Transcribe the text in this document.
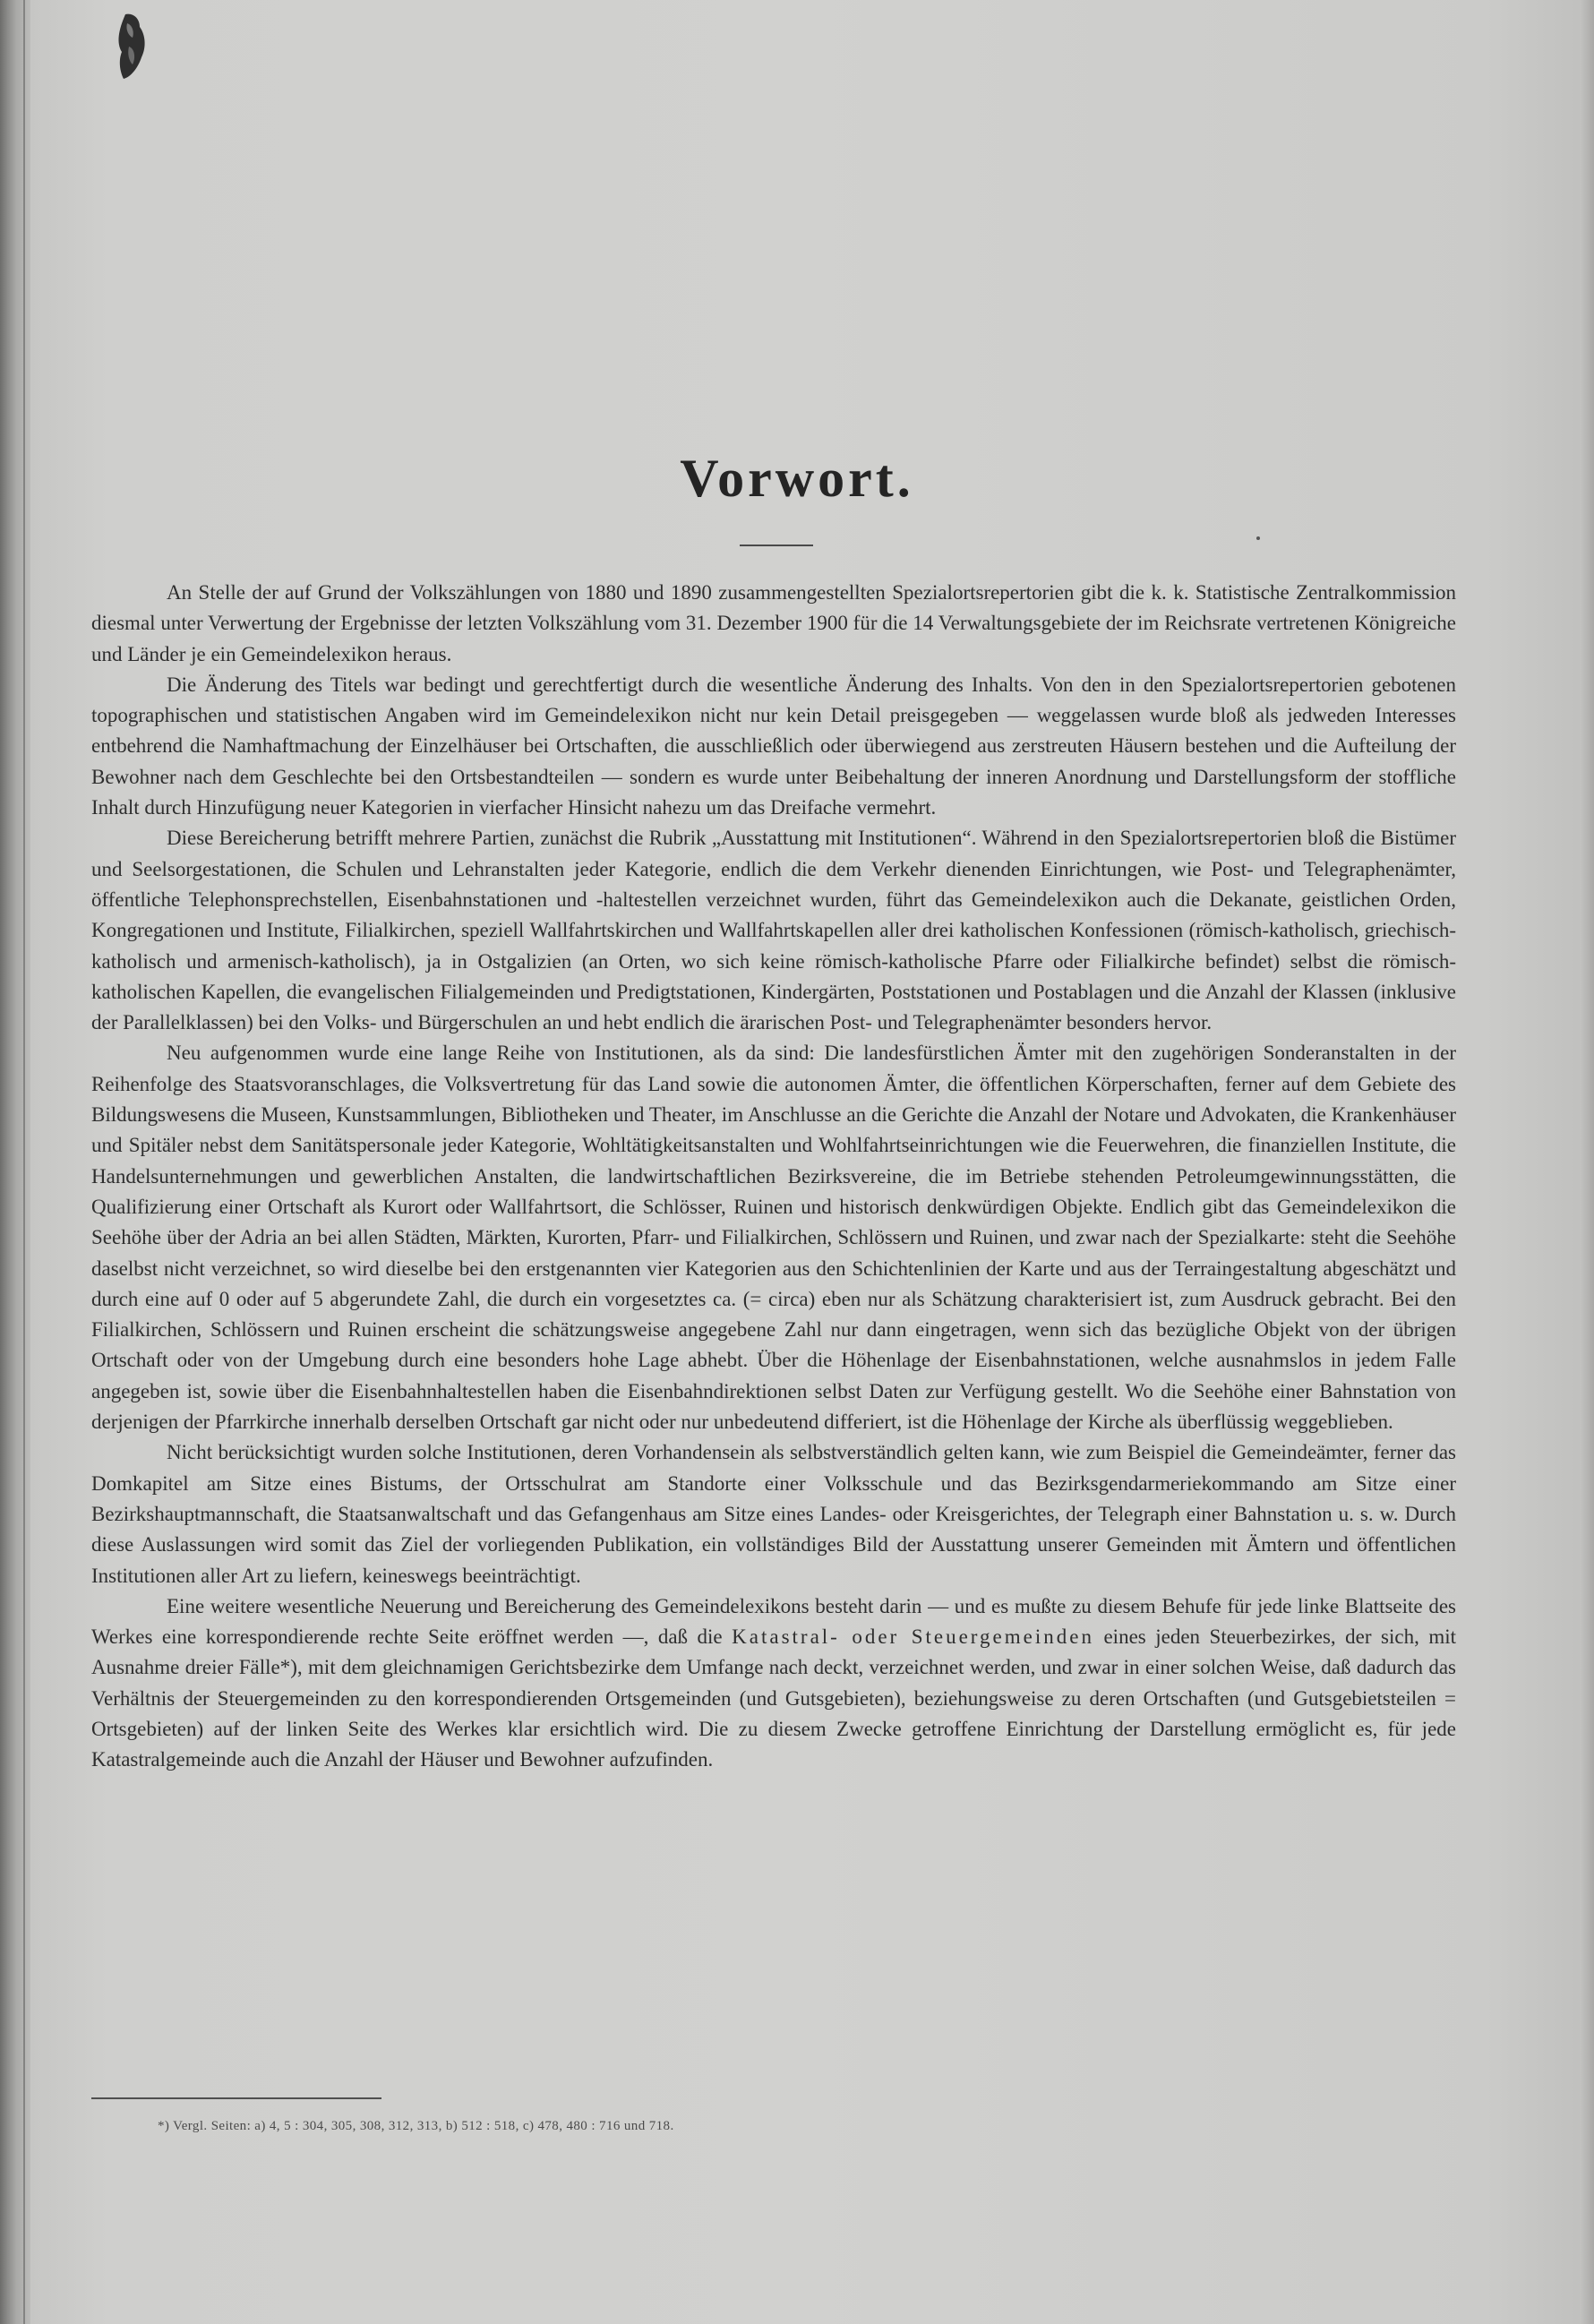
Vorwort.

An Stelle der auf Grund der Volkszählungen von 1880 und 1890 zusammengestellten Spezialortsrepertorien gibt die k. k. Statistische Zentralkommission diesmal unter Verwertung der Ergebnisse der letzten Volkszählung vom 31. Dezember 1900 für die 14 Verwaltungsgebiete der im Reichsrate vertretenen Königreiche und Länder je ein Gemeindelexikon heraus.

Die Änderung des Titels war bedingt und gerechtfertigt durch die wesentliche Änderung des Inhalts. Von den in den Spezialortsrepertorien gebotenen topographischen und statistischen Angaben wird im Gemeindelexikon nicht nur kein Detail preisgegeben — weggelassen wurde bloß als jedweden Interesses entbehrend die Namhaftmachung der Einzelhäuser bei Ortschaften, die ausschließlich oder überwiegend aus zerstreuten Häusern bestehen und die Aufteilung der Bewohner nach dem Geschlechte bei den Ortsbestandteilen — sondern es wurde unter Beibehaltung der inneren Anordnung und Darstellungsform der stoffliche Inhalt durch Hinzufügung neuer Kategorien in vierfacher Hinsicht nahezu um das Dreifache vermehrt.

Diese Bereicherung betrifft mehrere Partien, zunächst die Rubrik „Ausstattung mit Institutionen“. Während in den Spezialortsrepertorien bloß die Bistümer und Seelsorgestationen, die Schulen und Lehranstalten jeder Kategorie, endlich die dem Verkehr dienenden Einrichtungen, wie Post- und Telegraphenämter, öffentliche Telephonsprechstellen, Eisenbahnstationen und -haltestellen verzeichnet wurden, führt das Gemeindelexikon auch die Dekanate, geistlichen Orden, Kongregationen und Institute, Filialkirchen, speziell Wallfahrtskirchen und Wallfahrtskapellen aller drei katholischen Konfessionen (römisch-katholisch, griechisch-katholisch und armenisch-katholisch), ja in Ostgalizien (an Orten, wo sich keine römisch-katholische Pfarre oder Filialkirche befindet) selbst die römisch-katholischen Kapellen, die evangelischen Filialgemeinden und Predigtstationen, Kindergärten, Poststationen und Postablagen und die Anzahl der Klassen (inklusive der Parallelklassen) bei den Volks- und Bürgerschulen an und hebt endlich die ärarischen Post- und Telegraphenämter besonders hervor.

Neu aufgenommen wurde eine lange Reihe von Institutionen, als da sind: Die landesfürstlichen Ämter mit den zugehörigen Sonderanstalten in der Reihenfolge des Staatsvoranschlages, die Volksvertretung für das Land sowie die autonomen Ämter, die öffentlichen Körperschaften, ferner auf dem Gebiete des Bildungswesens die Museen, Kunstsammlungen, Bibliotheken und Theater, im Anschlusse an die Gerichte die Anzahl der Notare und Advokaten, die Krankenhäuser und Spitäler nebst dem Sanitätspersonale jeder Kategorie, Wohltätigkeitsanstalten und Wohlfahrtseinrichtungen wie die Feuerwehren, die finanziellen Institute, die Handelsunternehmungen und gewerblichen Anstalten, die landwirtschaftlichen Bezirksvereine, die im Betriebe stehenden Petroleumgewinnungsstätten, die Qualifizierung einer Ortschaft als Kurort oder Wallfahrtsort, die Schlösser, Ruinen und historisch denkwürdigen Objekte. Endlich gibt das Gemeindelexikon die Seehöhe über der Adria an bei allen Städten, Märkten, Kurorten, Pfarr- und Filialkirchen, Schlössern und Ruinen, und zwar nach der Spezialkarte: steht die Seehöhe daselbst nicht verzeichnet, so wird dieselbe bei den erstgenannten vier Kategorien aus den Schichtenlinien der Karte und aus der Terraingestaltung abgeschätzt und durch eine auf 0 oder auf 5 abgerundete Zahl, die durch ein vorgesetztes ca. (= circa) eben nur als Schätzung charakterisiert ist, zum Ausdruck gebracht. Bei den Filialkirchen, Schlössern und Ruinen erscheint die schätzungsweise angegebene Zahl nur dann eingetragen, wenn sich das bezügliche Objekt von der übrigen Ortschaft oder von der Umgebung durch eine besonders hohe Lage abhebt. Über die Höhenlage der Eisenbahnstationen, welche ausnahmslos in jedem Falle angegeben ist, sowie über die Eisenbahnhaltestellen haben die Eisenbahndirektionen selbst Daten zur Verfügung gestellt. Wo die Seehöhe einer Bahnstation von derjenigen der Pfarrkirche innerhalb derselben Ortschaft gar nicht oder nur unbedeutend differiert, ist die Höhenlage der Kirche als überflüssig weggeblieben.

Nicht berücksichtigt wurden solche Institutionen, deren Vorhandensein als selbstverständlich gelten kann, wie zum Beispiel die Gemeindeämter, ferner das Domkapitel am Sitze eines Bistums, der Ortsschulrat am Standorte einer Volksschule und das Bezirksgendarmeriekommando am Sitze einer Bezirkshauptmannschaft, die Staatsanwaltschaft und das Gefangenhaus am Sitze eines Landes- oder Kreisgerichtes, der Telegraph einer Bahnstation u. s. w. Durch diese Auslassungen wird somit das Ziel der vorliegenden Publikation, ein vollständiges Bild der Ausstattung unserer Gemeinden mit Ämtern und öffentlichen Institutionen aller Art zu liefern, keineswegs beeinträchtigt.

Eine weitere wesentliche Neuerung und Bereicherung des Gemeindelexikons besteht darin — und es mußte zu diesem Behufe für jede linke Blattseite des Werkes eine korrespondierende rechte Seite eröffnet werden —, daß die Katastral- oder Steuergemeinden eines jeden Steuerbezirkes, der sich, mit Ausnahme dreier Fälle*), mit dem gleichnamigen Gerichtsbezirke dem Umfange nach deckt, verzeichnet werden, und zwar in einer solchen Weise, daß dadurch das Verhältnis der Steuergemeinden zu den korrespondierenden Ortsgemeinden (und Gutsgebieten), beziehungsweise zu deren Ortschaften (und Gutsgebietsteilen = Ortsgebieten) auf der linken Seite des Werkes klar ersichtlich wird. Die zu diesem Zwecke getroffene Einrichtung der Darstellung ermöglicht es, für jede Katastralgemeinde auch die Anzahl der Häuser und Bewohner aufzufinden.

*) Vergl. Seiten: a) 4, 5 : 304, 305, 308, 312, 313, b) 512 : 518, c) 478, 480 : 716 und 718.
